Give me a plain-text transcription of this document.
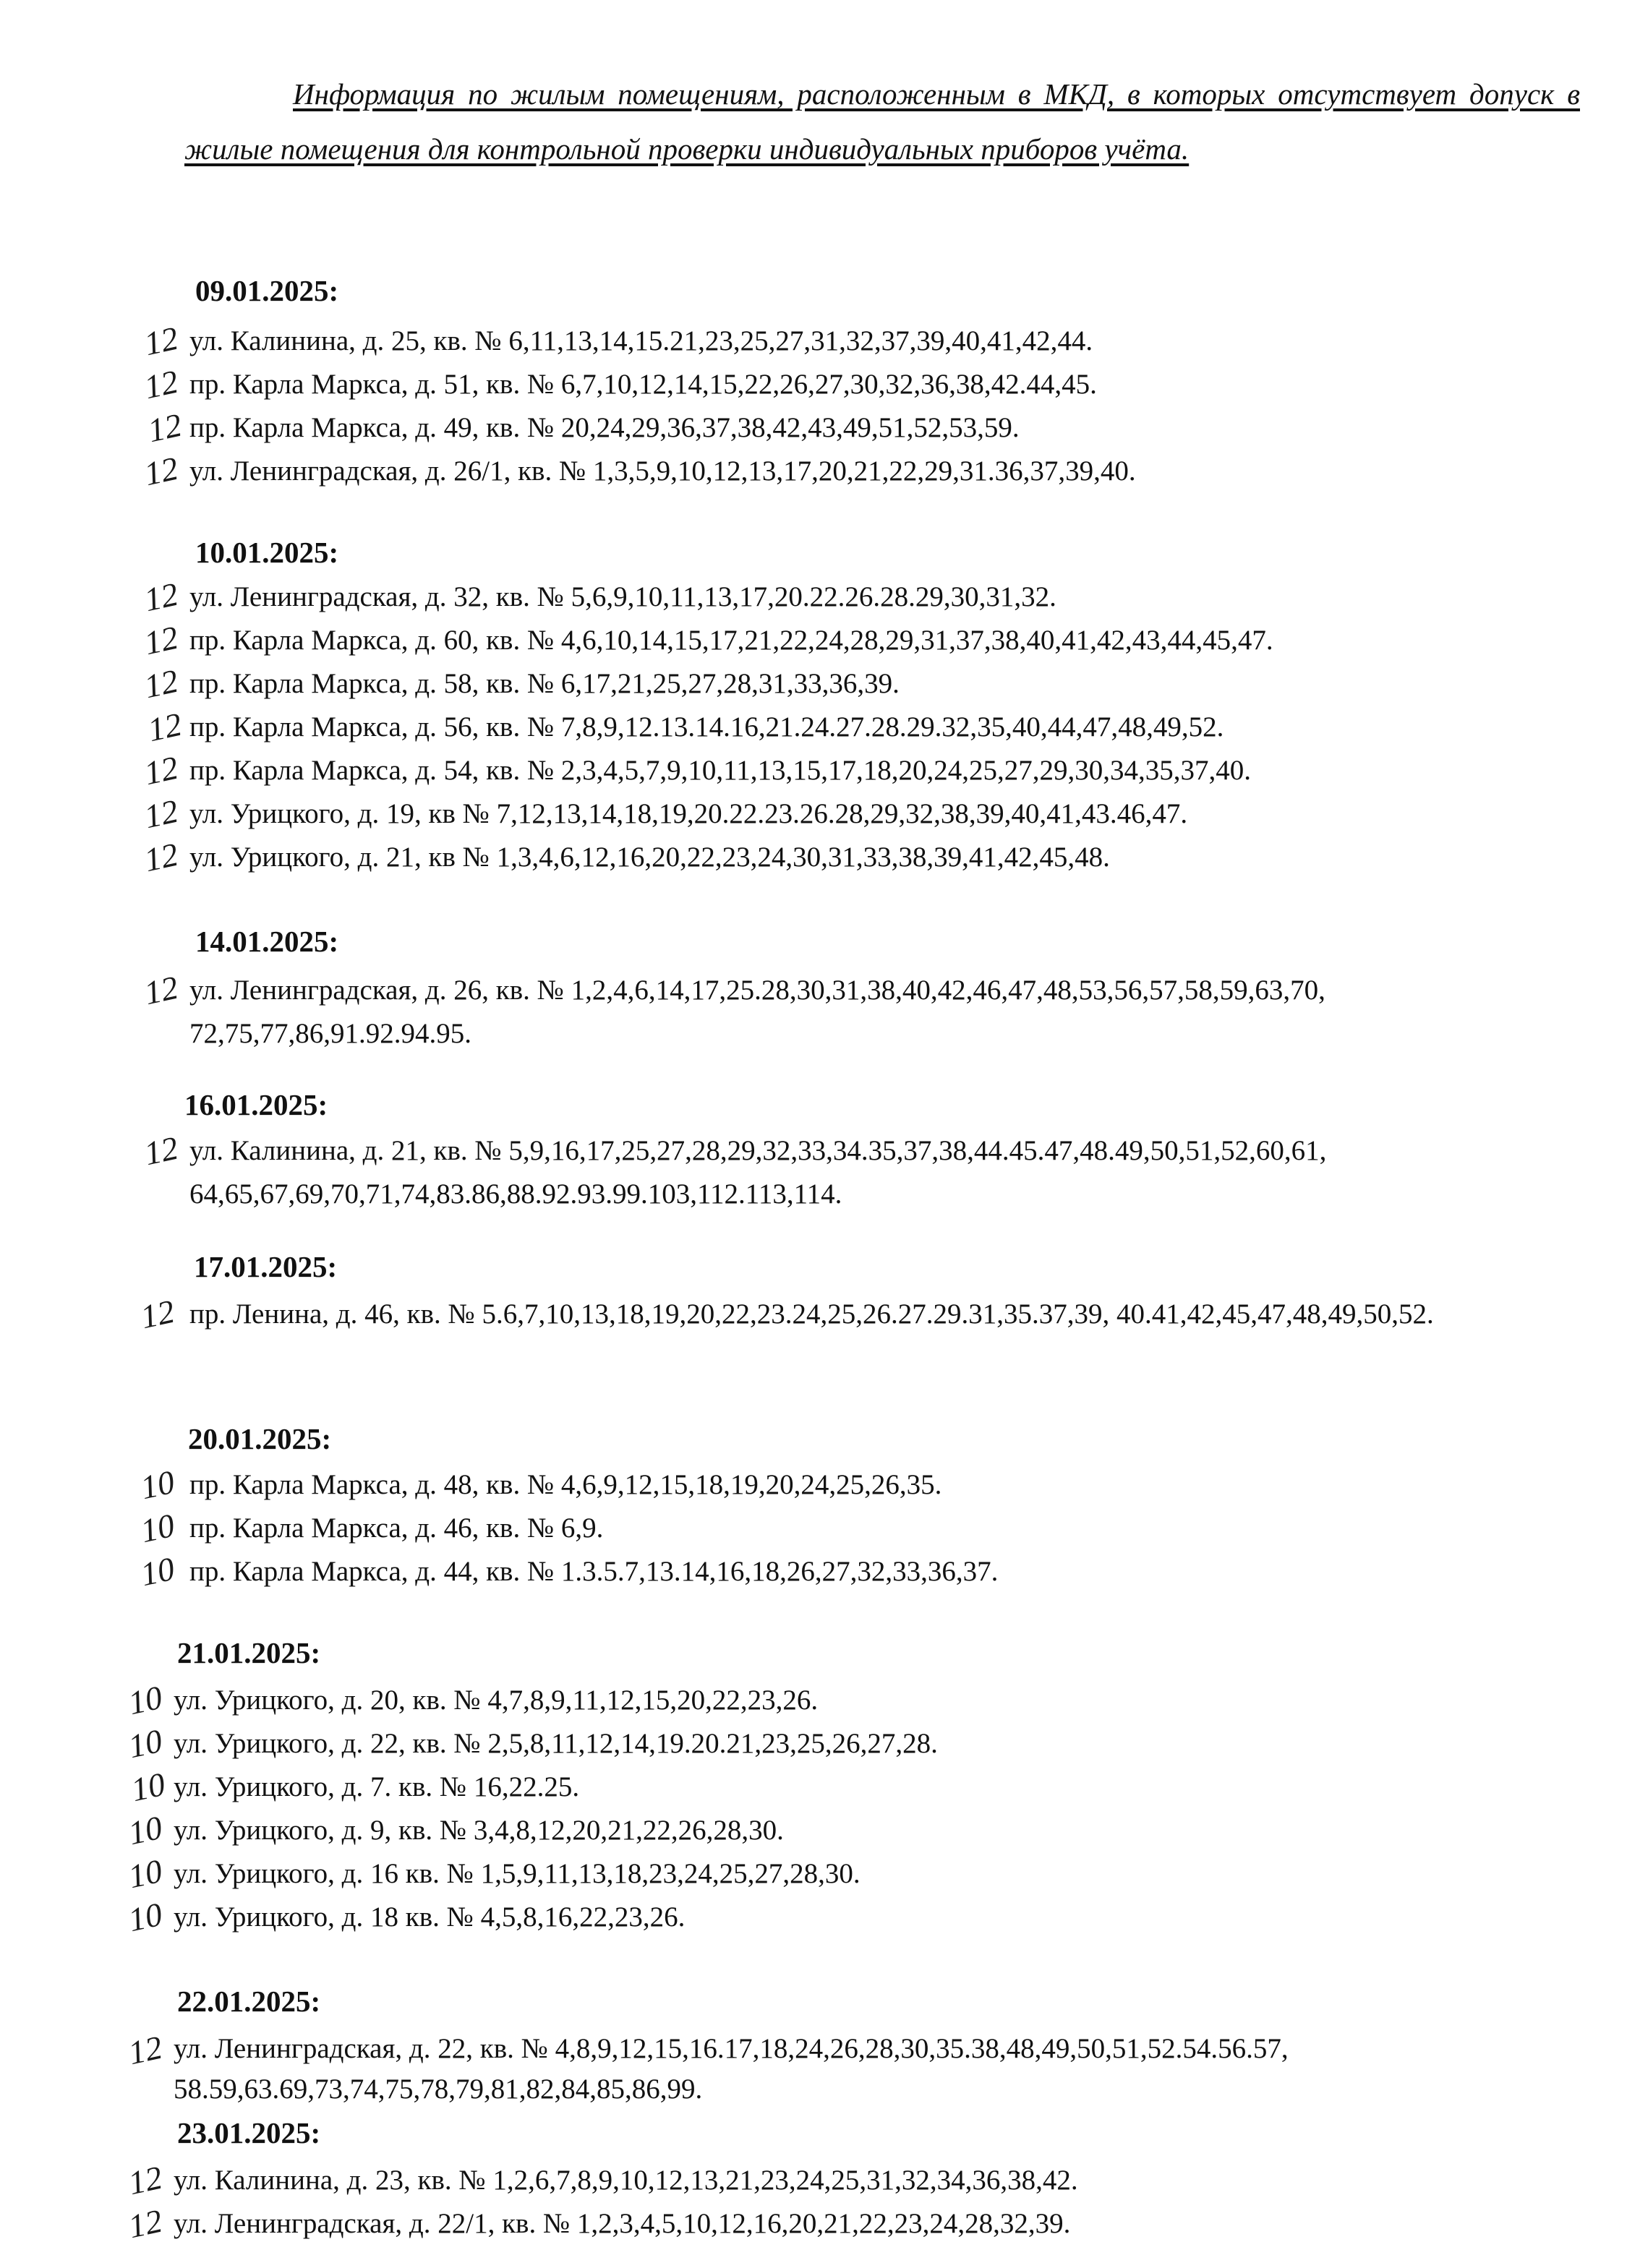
Информация по жилым помещениям, расположенным в МКД, в которых отсутствует допуск в жилые помещения для контрольной проверки индивидуальных приборов учёта.
09.01.2025:
12 ул. Калинина, д. 25, кв. № 6,11,13,14,15.21,23,25,27,31,32,37,39,40,41,42,44.
12 пр. Карла Маркса, д. 51, кв. № 6,7,10,12,14,15,22,26,27,30,32,36,38,42.44,45.
12 пр. Карла Маркса, д. 49, кв. № 20,24,29,36,37,38,42,43,49,51,52,53,59.
12 ул. Ленинградская, д. 26/1, кв. № 1,3,5,9,10,12,13,17,20,21,22,29,31.36,37,39,40.
10.01.2025:
12 ул. Ленинградская, д. 32, кв. № 5,6,9,10,11,13,17,20.22.26.28.29,30,31,32.
12 пр. Карла Маркса, д. 60, кв. № 4,6,10,14,15,17,21,22,24,28,29,31,37,38,40,41,42,43,44,45,47.
12 пр. Карла Маркса, д. 58, кв. № 6,17,21,25,27,28,31,33,36,39.
12 пр. Карла Маркса, д. 56, кв. № 7,8,9,12.13.14.16,21.24.27.28.29.32,35,40,44,47,48,49,52.
12 пр. Карла Маркса, д. 54, кв. № 2,3,4,5,7,9,10,11,13,15,17,18,20,24,25,27,29,30,34,35,37,40.
12 ул. Урицкого, д. 19, кв № 7,12,13,14,18,19,20.22.23.26.28,29,32,38,39,40,41,43.46,47.
12 ул. Урицкого, д. 21, кв № 1,3,4,6,12,16,20,22,23,24,30,31,33,38,39,41,42,45,48.
14.01.2025:
12 ул. Ленинградская, д. 26, кв. № 1,2,4,6,14,17,25.28,30,31,38,40,42,46,47,48,53,56,57,58,59,63,70, 72,75,77,86,91.92.94.95.
16.01.2025:
12 ул. Калинина, д. 21, кв. № 5,9,16,17,25,27,28,29,32,33,34.35,37,38,44.45.47,48.49,50,51,52,60,61, 64,65,67,69,70,71,74,83.86,88.92.93.99.103,112.113,114.
17.01.2025:
12 пр. Ленина, д. 46, кв. № 5.6,7,10,13,18,19,20,22,23.24,25,26.27.29.31,35.37,39, 40.41,42,45,47,48,49,50,52.
20.01.2025:
10 пр. Карла Маркса, д. 48, кв. № 4,6,9,12,15,18,19,20,24,25,26,35.
10 пр. Карла Маркса, д. 46, кв. № 6,9.
10 пр. Карла Маркса, д. 44, кв. № 1.3.5.7,13.14,16,18,26,27,32,33,36,37.
21.01.2025:
10 ул. Урицкого, д. 20, кв. № 4,7,8,9,11,12,15,20,22,23,26.
10 ул. Урицкого, д. 22, кв. № 2,5,8,11,12,14,19.20.21,23,25,26,27,28.
10 ул. Урицкого, д. 7. кв. № 16,22.25.
10 ул. Урицкого, д. 9, кв. № 3,4,8,12,20,21,22,26,28,30.
10 ул. Урицкого, д. 16 кв. № 1,5,9,11,13,18,23,24,25,27,28,30.
10 ул. Урицкого, д. 18 кв. № 4,5,8,16,22,23,26.
22.01.2025:
12 ул. Ленинградская, д. 22, кв. № 4,8,9,12,15,16.17,18,24,26,28,30,35.38,48,49,50,51,52.54.56.57, 58.59,63.69,73,74,75,78,79,81,82,84,85,86,99.
23.01.2025:
12 ул. Калинина, д. 23, кв. № 1,2,6,7,8,9,10,12,13,21,23,24,25,31,32,34,36,38,42.
12 ул. Ленинградская, д. 22/1, кв. № 1,2,3,4,5,10,12,16,20,21,22,23,24,28,32,39.
